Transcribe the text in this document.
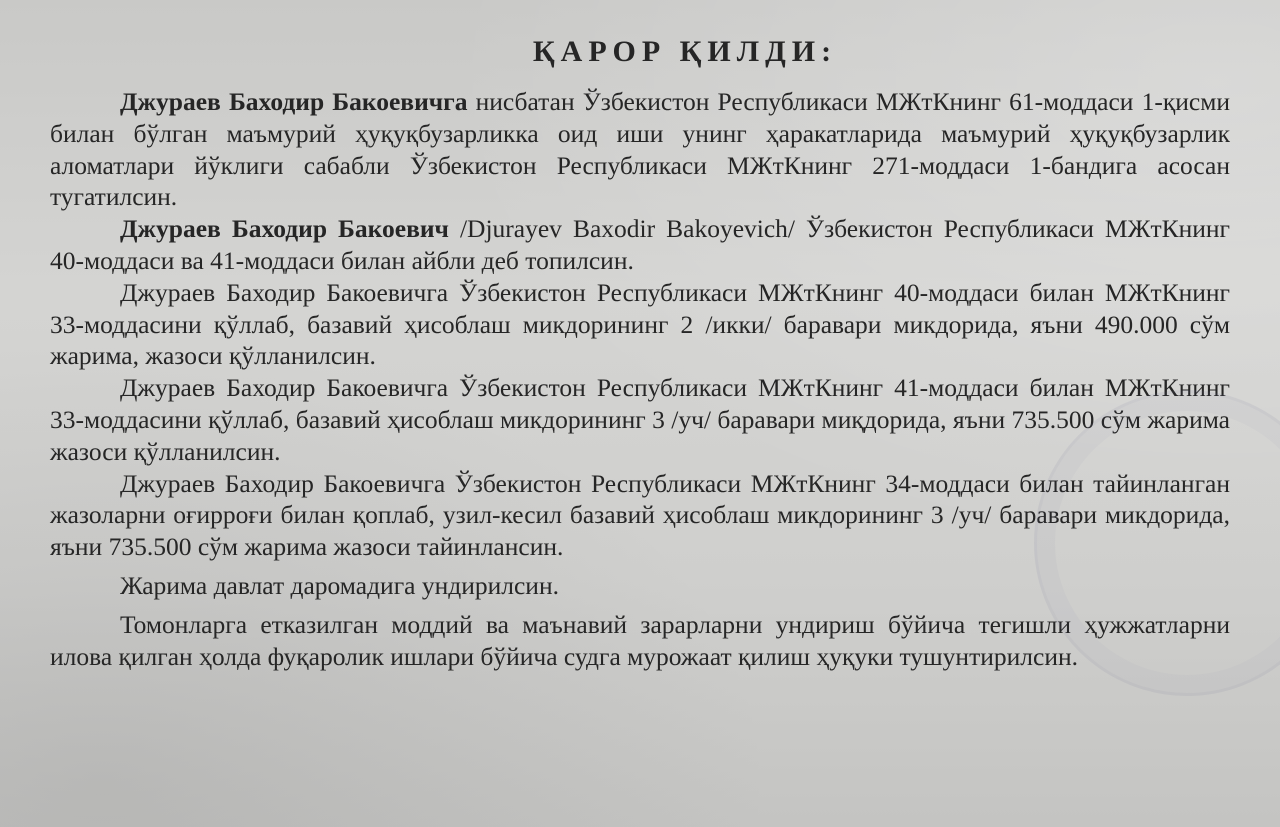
ҚАРОР ҚИЛДИ:

Джураев Баходир Бакоевичга нисбатан Ўзбекистон Республикаси МЖтКнинг 61-моддаси 1-қисми билан бўлган маъмурий ҳуқуқбузарликка оид иши унинг ҳаракатларида маъмурий ҳуқуқбузарлик аломатлари йўклиги сабабли Ўзбекистон Республикаси МЖтКнинг 271-моддаси 1-бандига асосан тугатилсин.

Джураев Баходир Бакоевич /Djurayev Baxodir Bakoyevich/ Ўзбекистон Республикаси МЖтКнинг 40-моддаси ва 41-моддаси билан айбли деб топилсин.

Джураев Баходир Бакоевичга Ўзбекистон Республикаси МЖтКнинг 40-моддаси билан МЖтКнинг 33-моддасини қўллаб, базавий ҳисоблаш микдорининг 2 /икки/ баравари микдорида, яъни 490.000 сўм жарима, жазоси қўлланилсин.

Джураев Баходир Бакоевичга Ўзбекистон Республикаси МЖтКнинг 41-моддаси билан МЖтКнинг 33-моддасини қўллаб, базавий ҳисоблаш микдорининг 3 /уч/ баравари миқдорида, яъни 735.500 сўм жарима жазоси қўлланилсин.

Джураев Баходир Бакоевичга Ўзбекистон Республикаси МЖтКнинг 34-моддаси билан тайинланган жазоларни оғирроғи билан қоплаб, узил-кесил базавий ҳисоблаш микдорининг 3 /уч/ баравари микдорида, яъни 735.500 сўм жарима жазоси тайинлансин.

Жарима давлат даромадига ундирилсин.

Томонларга етказилган моддий ва маънавий зарарларни ундириш бўйича тегишли ҳужжатларни илова қилган ҳолда фуқаролик ишлари бўйича судга мурожаат қилиш ҳуқуки тушунтирилсин.
